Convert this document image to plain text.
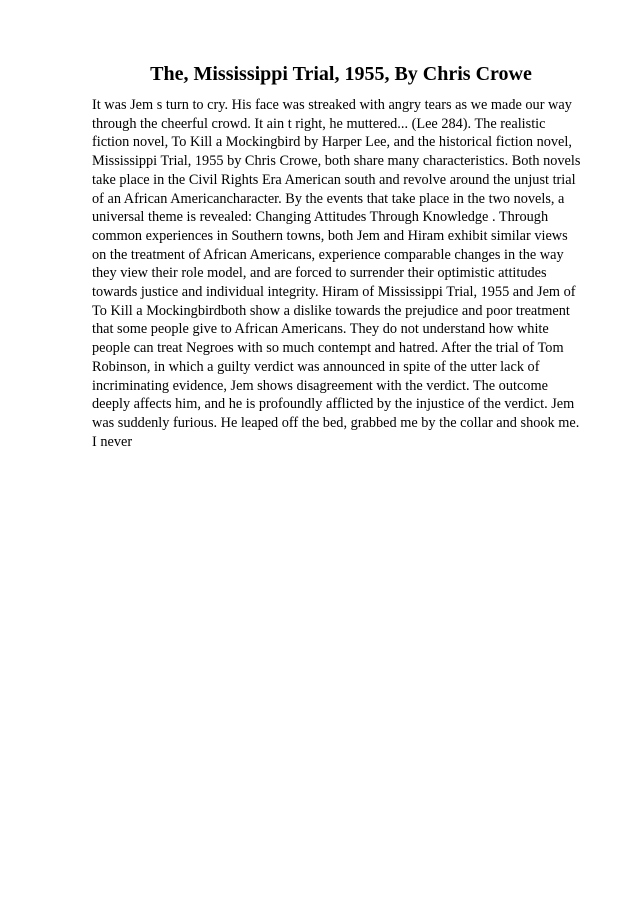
The, Mississippi Trial, 1955, By Chris Crowe
It was Jem s turn to cry. His face was streaked with angry tears as we made our way
through the cheerful crowd. It ain t right, he muttered... (Lee 284). The realistic
fiction novel, To Kill a Mockingbird by Harper Lee, and the historical fiction novel,
Mississippi Trial, 1955 by Chris Crowe, both share many characteristics. Both novels
take place in the Civil Rights Era American south and revolve around the unjust trial
of an African Americancharacter. By the events that take place in the two novels, a
universal theme is revealed: Changing Attitudes Through Knowledge . Through
common experiences in Southern towns, both Jem and Hiram exhibit similar views
on the treatment of African Americans, experience comparable changes in the way
they view their role model, and are forced to surrender their optimistic attitudes
towards justice and individual integrity. Hiram of Mississippi Trial, 1955 and Jem of
To Kill a Mockingbirdboth show a dislike towards the prejudice and poor treatment
that some people give to African Americans. They do not understand how white
people can treat Negroes with so much contempt and hatred. After the trial of Tom
Robinson, in which a guilty verdict was announced in spite of the utter lack of
incriminating evidence, Jem shows disagreement with the verdict. The outcome
deeply affects him, and he is profoundly afflicted by the injustice of the verdict. Jem
was suddenly furious. He leaped off the bed, grabbed me by the collar and shook me.
I never
